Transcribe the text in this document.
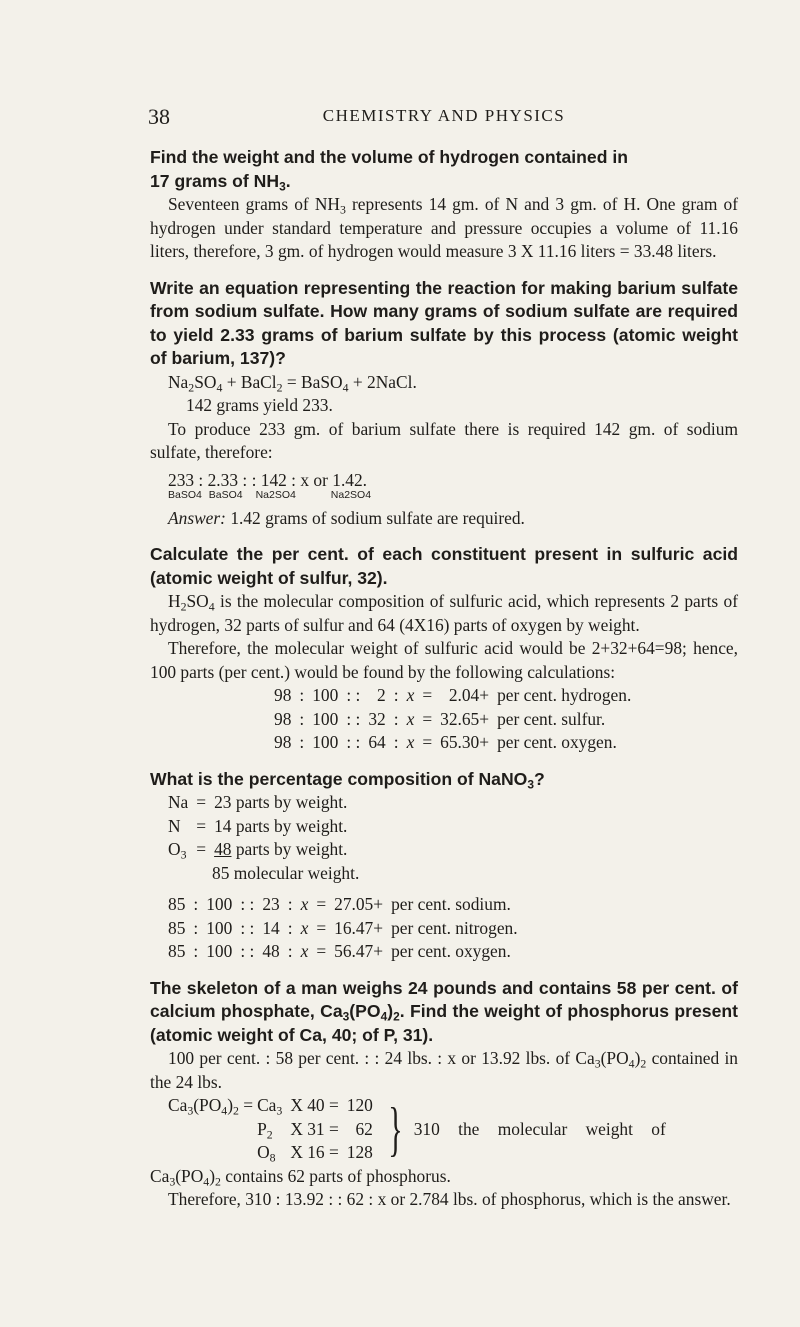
38	CHEMISTRY AND PHYSICS
Find the weight and the volume of hydrogen contained in
17 grams of $NH_3$.

Seventeen grams of $NH_3$ represents 14 gm. of N and 3 gm. of H. One gram of hydrogen under standard temperature and pressure occupies a volume of 11.16 liters, therefore, 3 gm. of hydrogen would measure 3 X 11.16 liters = 33.48 liters.

Write an equation representing the reaction for making barium sulfate from sodium sulfate. How many grams of sodium sulfate are required to yield 2.33 grams of barium sulfate by this process (atomic weight of barium, 137)?
$Na_2SO_4$ + BaCl$_2$ = BaSO$_4$ + 2NaCl.
142 grams yield 233.

To produce 233 gm. of barium sulfate there is required 142 gm. of sodium sulfate, therefore:

233 : 2.33 : : 142 : x or 1.42.
BaSO4 BaSO4 Na2SO4	Na2SO4

Answer: 1.42 grams of sodium sulfate are required.

Calculate the per cent. of each constituent present in sulfuric acid (atomic weight of sulfur, 32).

$H_2SO_4$ is the molecular composition of sulfuric acid, which represents 2 parts of hydrogen, 32 parts of sulfur and 64 (4X16) parts of oxygen by weight.

Therefore, the molecular weight of sulfuric acid would be 2+32+64=98; hence, 100 parts (per cent.) would be found by the following calculations:

98	:	100	: :	2	:	x	=	2.04+	per cent. hydrogen.
98	:	100	: :	32	:	x	=	32.65+	per cent. sulfur.
98	:	100	: :	64	:	x	=	65.30+	per cent. oxygen.
What is the percentage composition of NaNO$_3$?
Na	=	23 parts by weight.
N	=	14 parts by weight.
$O_3$	=	48 parts by weight.
85 molecular weight.
85	:	100	: :	23	:	x	=	27.05+	per cent. sodium.
85	:	100	: :	14	:	x	=	16.47+	per cent. nitrogen.
85	:	100	: :	48	:	x	=	56.47+	per cent. oxygen.
The skeleton of a man weighs 24 pounds and contains 58 per cent. of calcium phosphate, $Ca_3(PO_4)_2$. Find the weight of phosphorus present (atomic weight of Ca, 40; of P, 31).

100 per cent. : 58 per cent. : : 24 lbs. : x or 13.92 lbs. of $Ca_3(PO_4)_2$ contained in the 24 lbs.

$Ca_3(PO_4)_2 = Ca_3$	X 40 =	120
$P_2$	X 31 =	62
$O_8$	X 16 =	128 } 310 the molecular weight of
$Ca_3(PO_4)_2$ contains 62 parts of phosphorus.

Therefore, 310 : 13.92 : : 62 : x or 2.784 lbs. of phosphorus, which is the answer.
